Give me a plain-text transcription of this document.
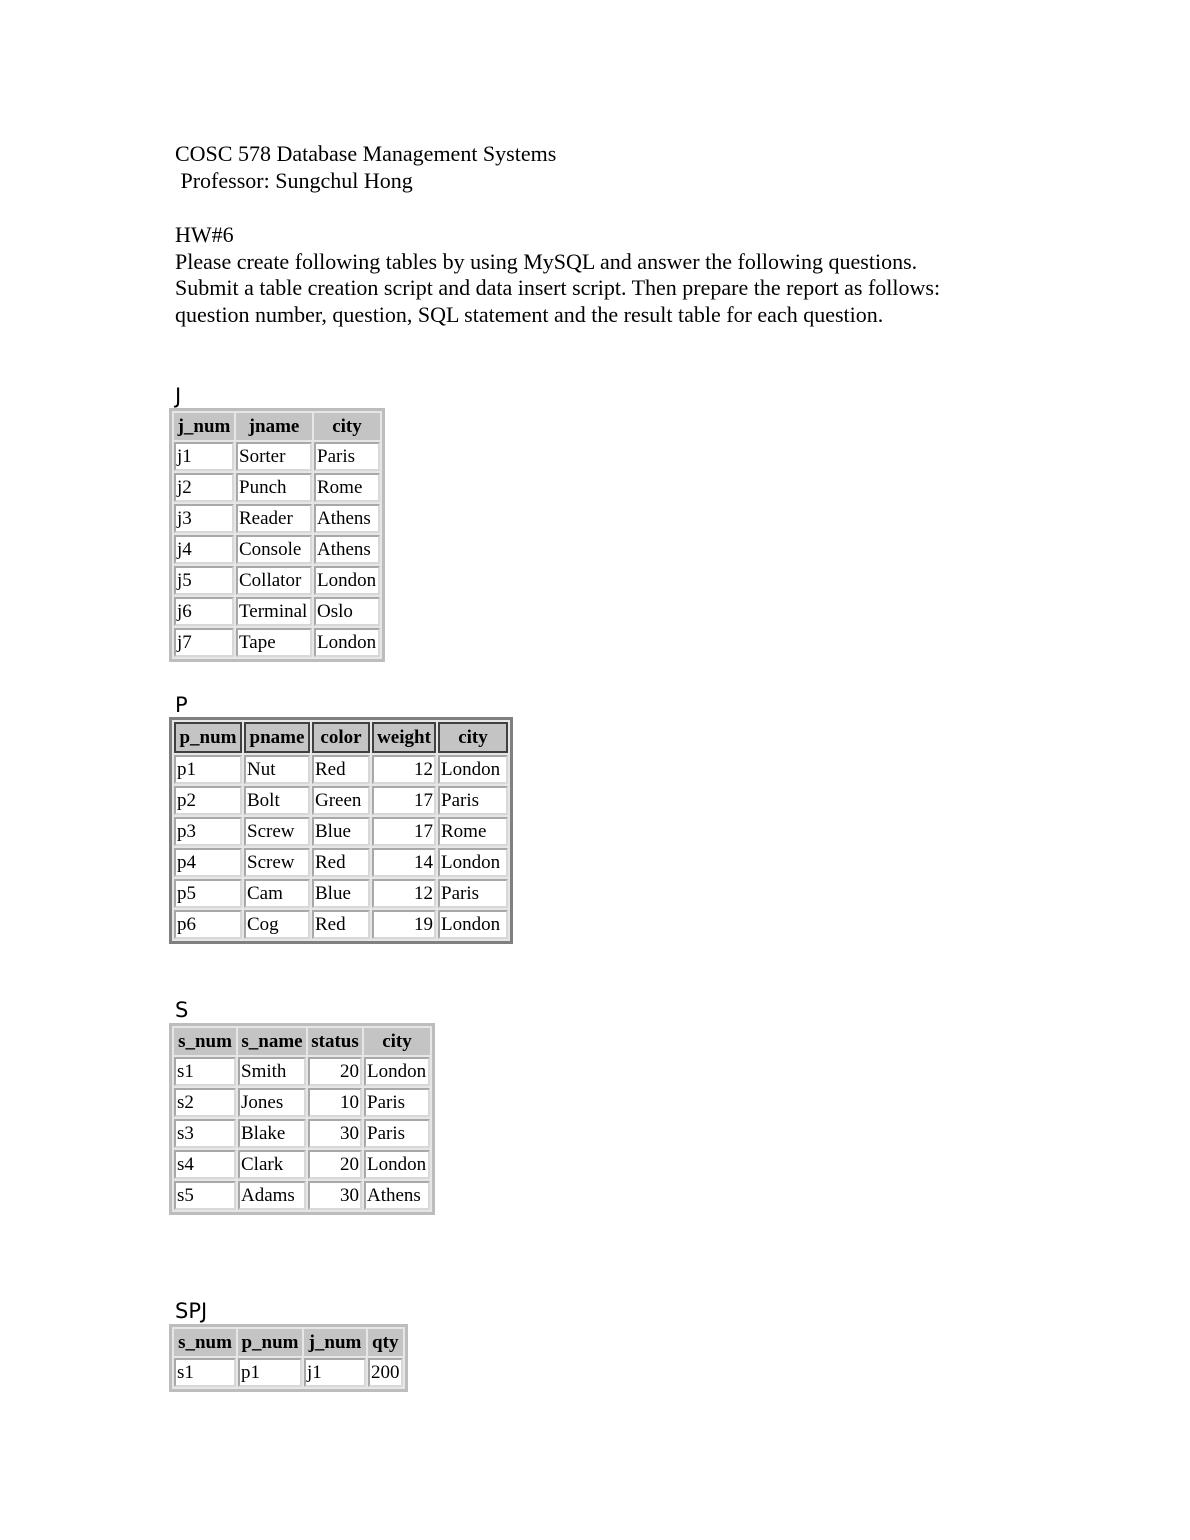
COSC 578 Database Management Systems

Professor: Sungchul Hong

HW#6

Please create following tables by using MySQL and answer the following questions.

Submit a table creation script and data insert script. Then prepare the report as follows:

question number, question, SQL statement and the result table for each question.

J
j_num	jname	city
j1	Sorter	Paris
j2	Punch	Rome
j3	Reader	Athens
j4	Console	Athens
j5	Collator	London
j6	Terminal	Oslo
j7	Tape	London
P
p_num	pname	color	weight	city
p1	Nut	Red	12	London
p2	Bolt	Green	17	Paris
p3	Screw	Blue	17	Rome
p4	Screw	Red	14	London
p5	Cam	Blue	12	Paris
p6	Cog	Red	19	London
S
s_num	s_name	status	city
s1	Smith	20	London
s2	Jones	10	Paris
s3	Blake	30	Paris
s4	Clark	20	London
s5	Adams	30	Athens
SPJ
s_num	p_num	j_num	qty
s1	p1	j1	200
